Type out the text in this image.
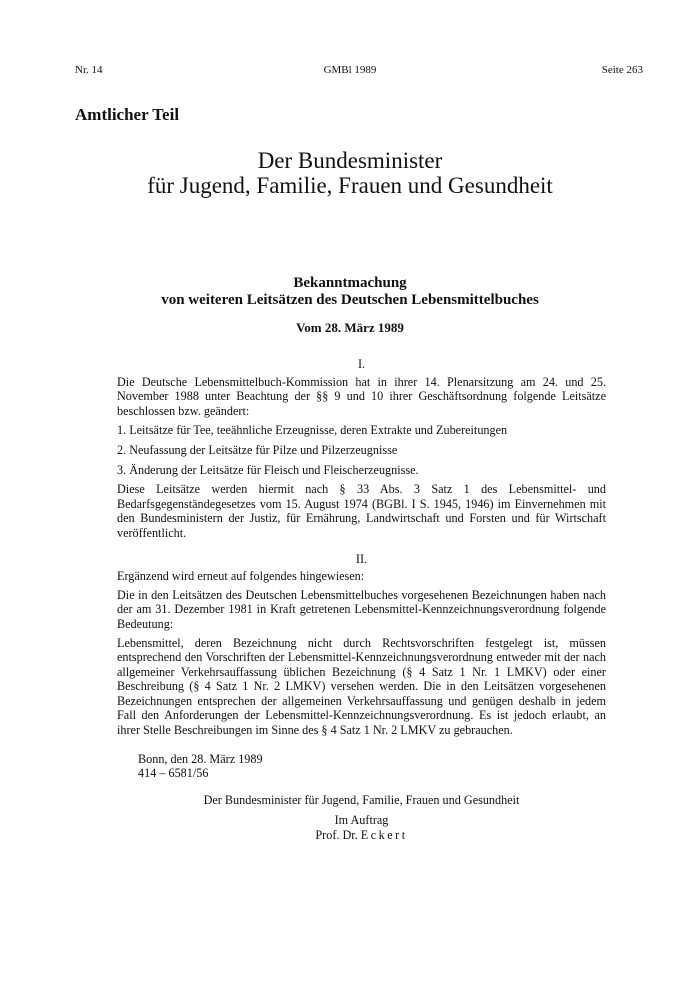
Nr. 14	GMBl 1989	Seite 263
Amtlicher Teil
Der Bundesminister
für Jugend, Familie, Frauen und Gesundheit
Bekanntmachung
von weiteren Leitsätzen des Deutschen Lebensmittelbuches
Vom 28. März 1989

I.

Die Deutsche Lebensmittelbuch-Kommission hat in ihrer 14. Plenarsitzung am 24. und 25. November 1988 unter Beachtung der §§ 9 und 10 ihrer Geschäftsordnung folgende Leitsätze beschlossen bzw. geändert:

1. Leitsätze für Tee, teeähnliche Erzeugnisse, deren Extrakte und Zubereitungen
2. Neufassung der Leitsätze für Pilze und Pilzerzeugnisse
3. Änderung der Leitsätze für Fleisch und Fleischerzeugnisse.

Diese Leitsätze werden hiermit nach § 33 Abs. 3 Satz 1 des Lebensmittel- und Bedarfsgegenständegesetzes vom 15. August 1974 (BGBl. I S. 1945, 1946) im Einvernehmen mit den Bundesministern der Justiz, für Ernährung, Landwirtschaft und Forsten und für Wirtschaft veröffentlicht.

II.

Ergänzend wird erneut auf folgendes hingewiesen:

Die in den Leitsätzen des Deutschen Lebensmittelbuches vorgesehenen Bezeichnungen haben nach der am 31. Dezember 1981 in Kraft getretenen Lebensmittel-Kennzeichnungsverordnung folgende Bedeutung:

Lebensmittel, deren Bezeichnung nicht durch Rechtsvorschriften festgelegt ist, müssen entsprechend den Vorschriften der Lebensmittel-Kennzeichnungsverordnung entweder mit der nach allgemeiner Verkehrsauffassung üblichen Bezeichnung (§ 4 Satz 1 Nr. 1 LMKV) oder einer Beschreibung (§ 4 Satz 1 Nr. 2 LMKV) versehen werden. Die in den Leitsätzen vorgesehenen Bezeichnungen entsprechen der allgemeinen Verkehrsauffassung und genügen deshalb in jedem Fall den Anforderungen der Lebensmittel-Kennzeichnungsverordnung. Es ist jedoch erlaubt, an ihrer Stelle Beschreibungen im Sinne des § 4 Satz 1 Nr. 2 LMKV zu gebrauchen.

Bonn, den 28. März 1989

414 – 6581/56

Der Bundesminister für Jugend, Familie, Frauen und Gesundheit

Im Auftrag

Prof. Dr. Eckert
